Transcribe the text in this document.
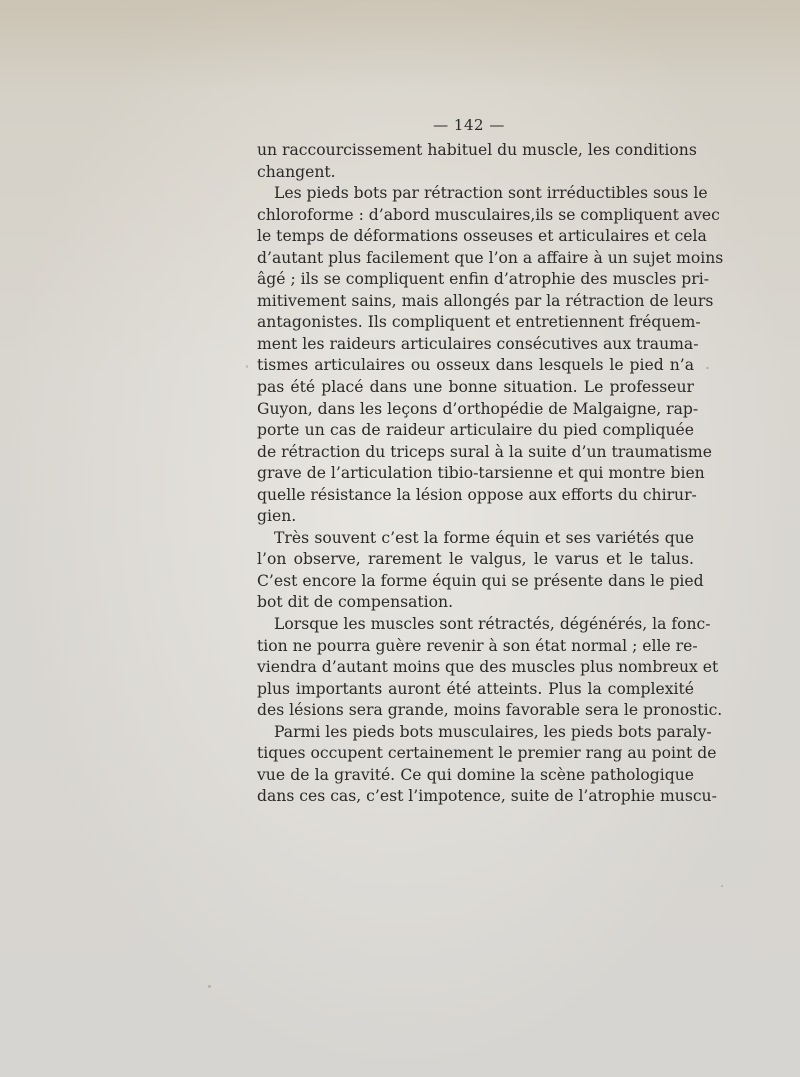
— 142 —
un raccourcissement habituel du muscle, les conditions
changent.
Les pieds bots par rétraction sont irréductibles sous le
chloroforme : d’abord musculaires,ils se compliquent avec
le temps de déformations osseuses et articulaires et cela
d’autant plus facilement que l’on a affaire à un sujet moins
âgé ; ils se compliquent enfin d’atrophie des muscles pri-
mitivement sains, mais allongés par la rétraction de leurs
antagonistes. Ils compliquent et entretiennent fréquem-
ment les raideurs articulaires consécutives aux trauma-
tismes articulaires ou osseux dans lesquels le pied n’a
pas été placé dans une bonne situation. Le professeur
Guyon, dans les leçons d’orthopédie de Malgaigne, rap-
porte un cas de raideur articulaire du pied compliquée
de rétraction du triceps sural à la suite d’un traumatisme
grave de l’articulation tibio-tarsienne et qui montre bien
quelle résistance la lésion oppose aux efforts du chirur-
gien.
Très souvent c’est la forme équin et ses variétés que
l’on observe, rarement le valgus, le varus et le talus.
C’est encore la forme équin qui se présente dans le pied
bot dit de compensation.
Lorsque les muscles sont rétractés, dégénérés, la fonc-
tion ne pourra guère revenir à son état normal ; elle re-
viendra d’autant moins que des muscles plus nombreux et
plus importants auront été atteints. Plus la complexité
des lésions sera grande, moins favorable sera le pronostic.
Parmi les pieds bots musculaires, les pieds bots paraly-
tiques occupent certainement le premier rang au point de
vue de la gravité. Ce qui domine la scène pathologique
dans ces cas, c’est l’impotence, suite de l’atrophie muscu-
